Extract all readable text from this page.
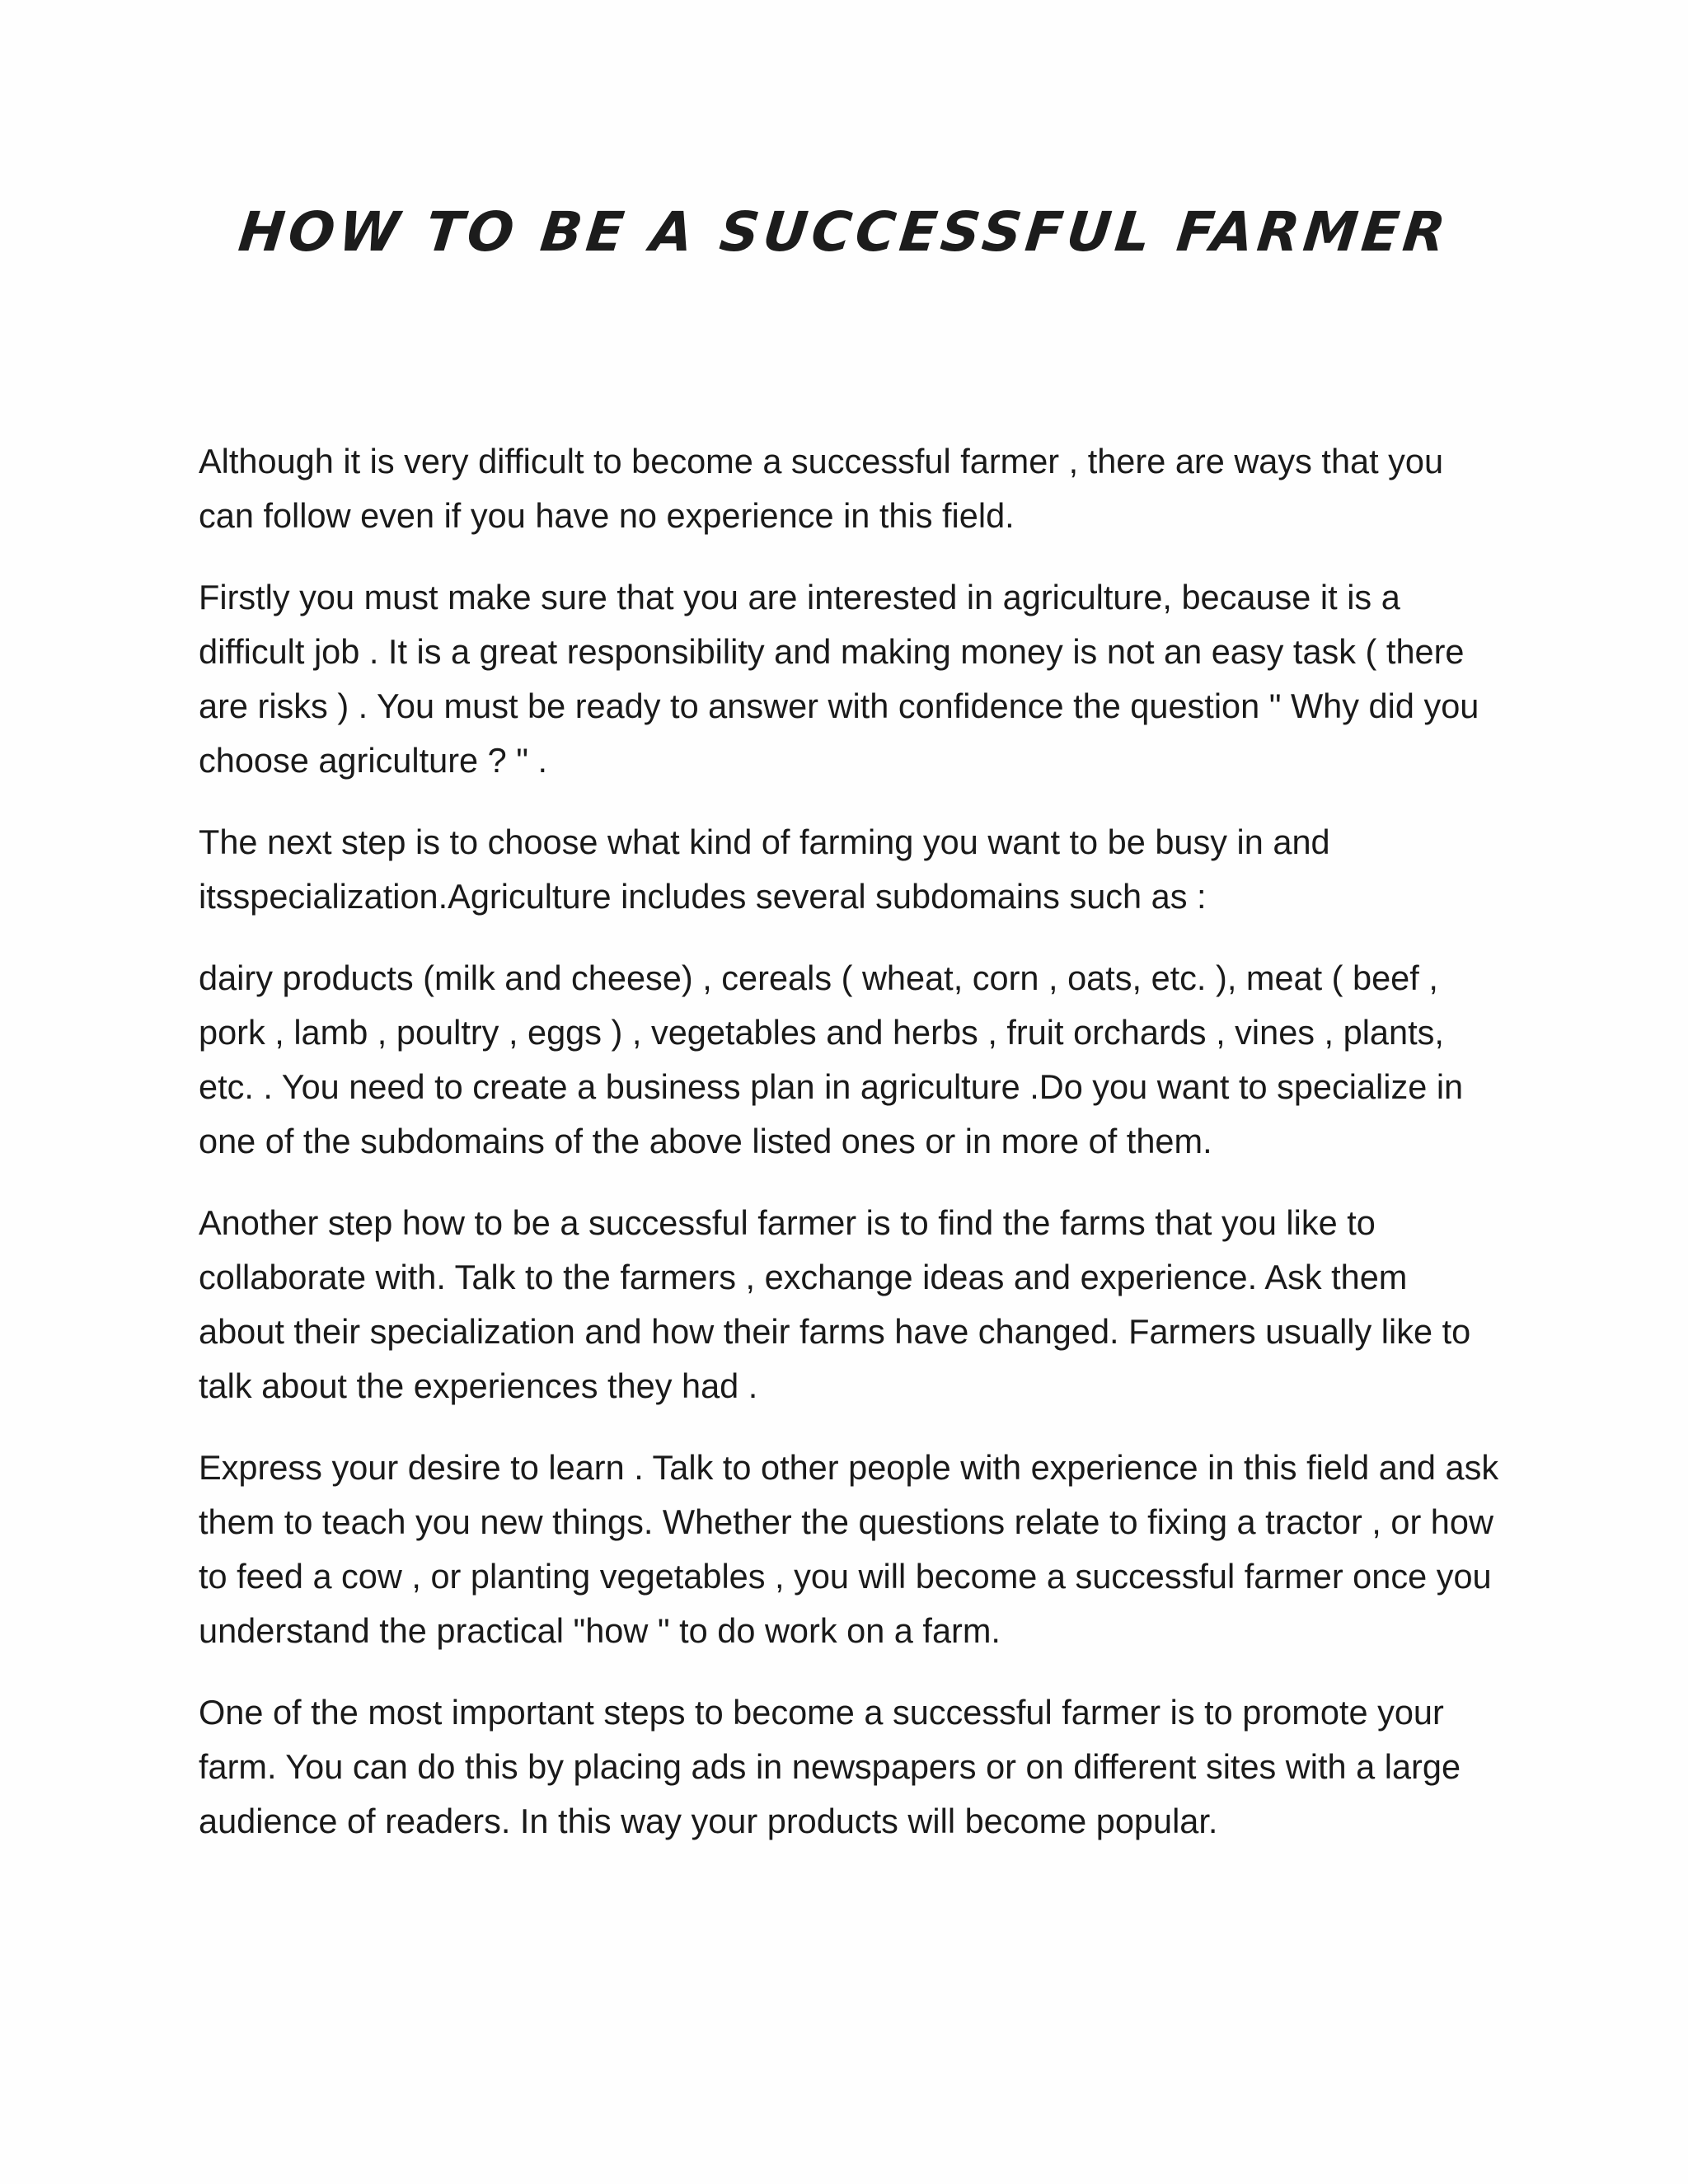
HOW TO BE A SUCCESSFUL FARMER

Although it is very difficult to become a successful farmer , there are ways that you can follow even if you have no experience in this field.

Firstly you must make sure that you are interested in agriculture, because it is a difficult job . It is a great responsibility and making money is not an easy task ( there are risks ) . You must be ready to answer with confidence the question " Why did you choose agriculture ? " .

The next step is to choose what kind of farming you want to be busy in and itsspecialization.Agriculture includes several subdomains such as :

dairy products (milk and cheese) , cereals ( wheat, corn , oats, etc. ), meat ( beef , pork , lamb , poultry , eggs ) , vegetables and herbs , fruit orchards , vines , plants, etc. . You need to create a business plan in agriculture .Do you want to specialize in one of the subdomains of the above listed ones or in more of them.

Another step how to be a successful farmer is to find the farms that you like to collaborate with. Talk to the farmers , exchange ideas and experience. Ask them about their specialization and how their farms have changed. Farmers usually like to talk about the experiences they had .

Express your desire to learn . Talk to other people with experience in this field and ask them to teach you new things. Whether the questions relate to fixing a tractor , or how to feed a cow , or planting vegetables , you will become a successful farmer once you understand the practical "how " to do work on a farm.

One of the most important steps to become a successful farmer is to promote your farm. You can do this by placing ads in newspapers or on different sites with a large audience of readers. In this way your products will become popular.
